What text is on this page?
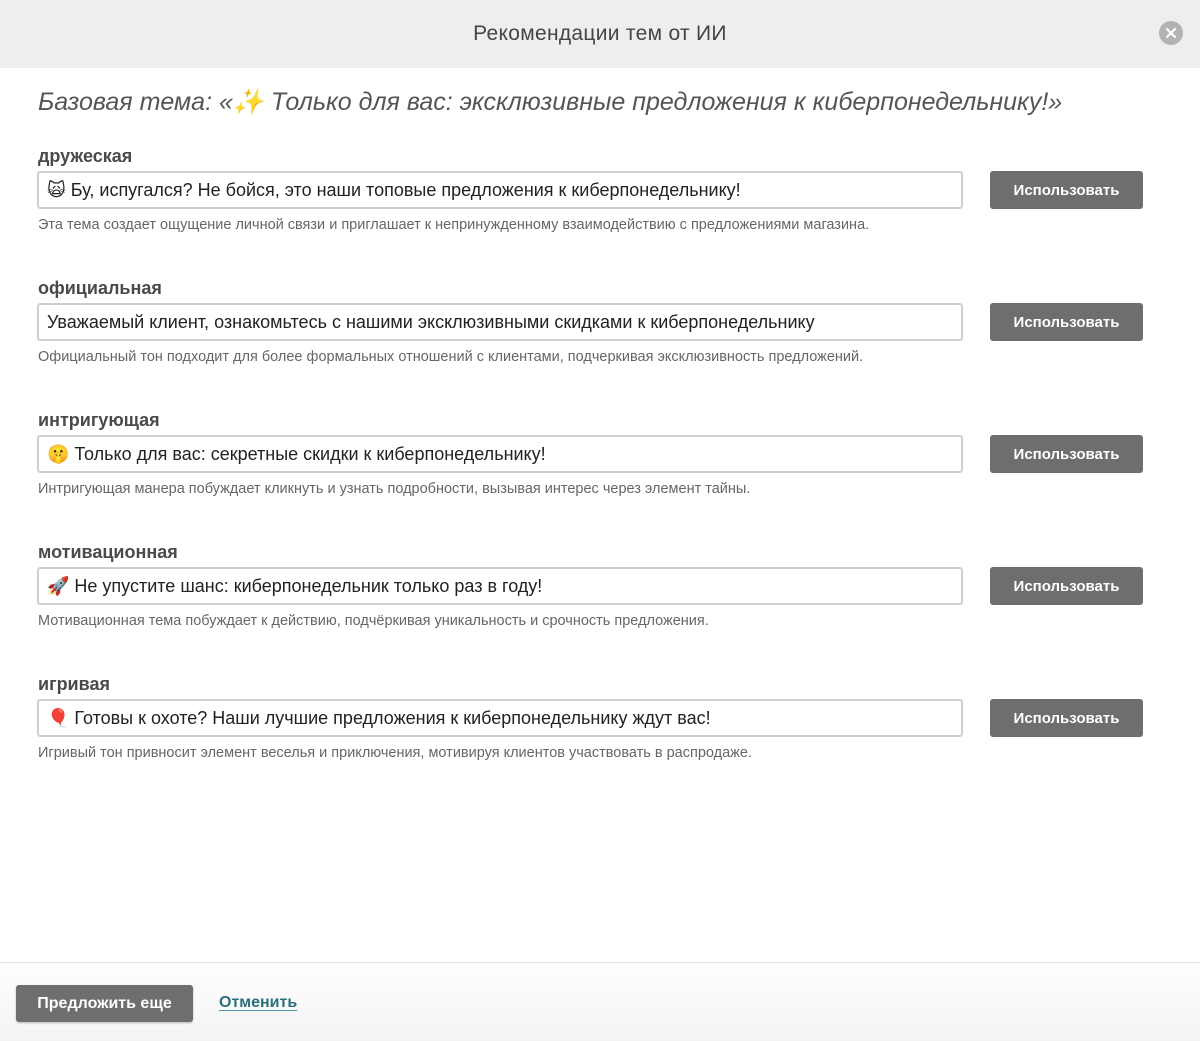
Рекомендации тем от ИИ
Базовая тема: «✨ Только для вас: эксклюзивные предложения к киберпонедельнику!»
дружеская
🙀 Бу, испугался? Не бойся, это наши топовые предложения к киберпонедельнику!	Использовать
Эта тема создает ощущение личной связи и приглашает к непринужденному взаимодействию с предложениями магазина.
официальная
Уважаемый клиент, ознакомьтесь с нашими эксклюзивными скидками к киберпонедельнику	Использовать
Официальный тон подходит для более формальных отношений с клиентами, подчеркивая эксклюзивность предложений.
интригующая
🤫 Только для вас: секретные скидки к киберпонедельнику!	Использовать
Интригующая манера побуждает кликнуть и узнать подробности, вызывая интерес через элемент тайны.
мотивационная
🚀 Не упустите шанс: киберпонедельник только раз в году!	Использовать
Мотивационная тема побуждает к действию, подчёркивая уникальность и срочность предложения.
игривая
🎈 Готовы к охоте? Наши лучшие предложения к киберпонедельнику ждут вас!	Использовать
Игривый тон привносит элемент веселья и приключения, мотивируя клиентов участвовать в распродаже.
Предложить еще	Отменить
